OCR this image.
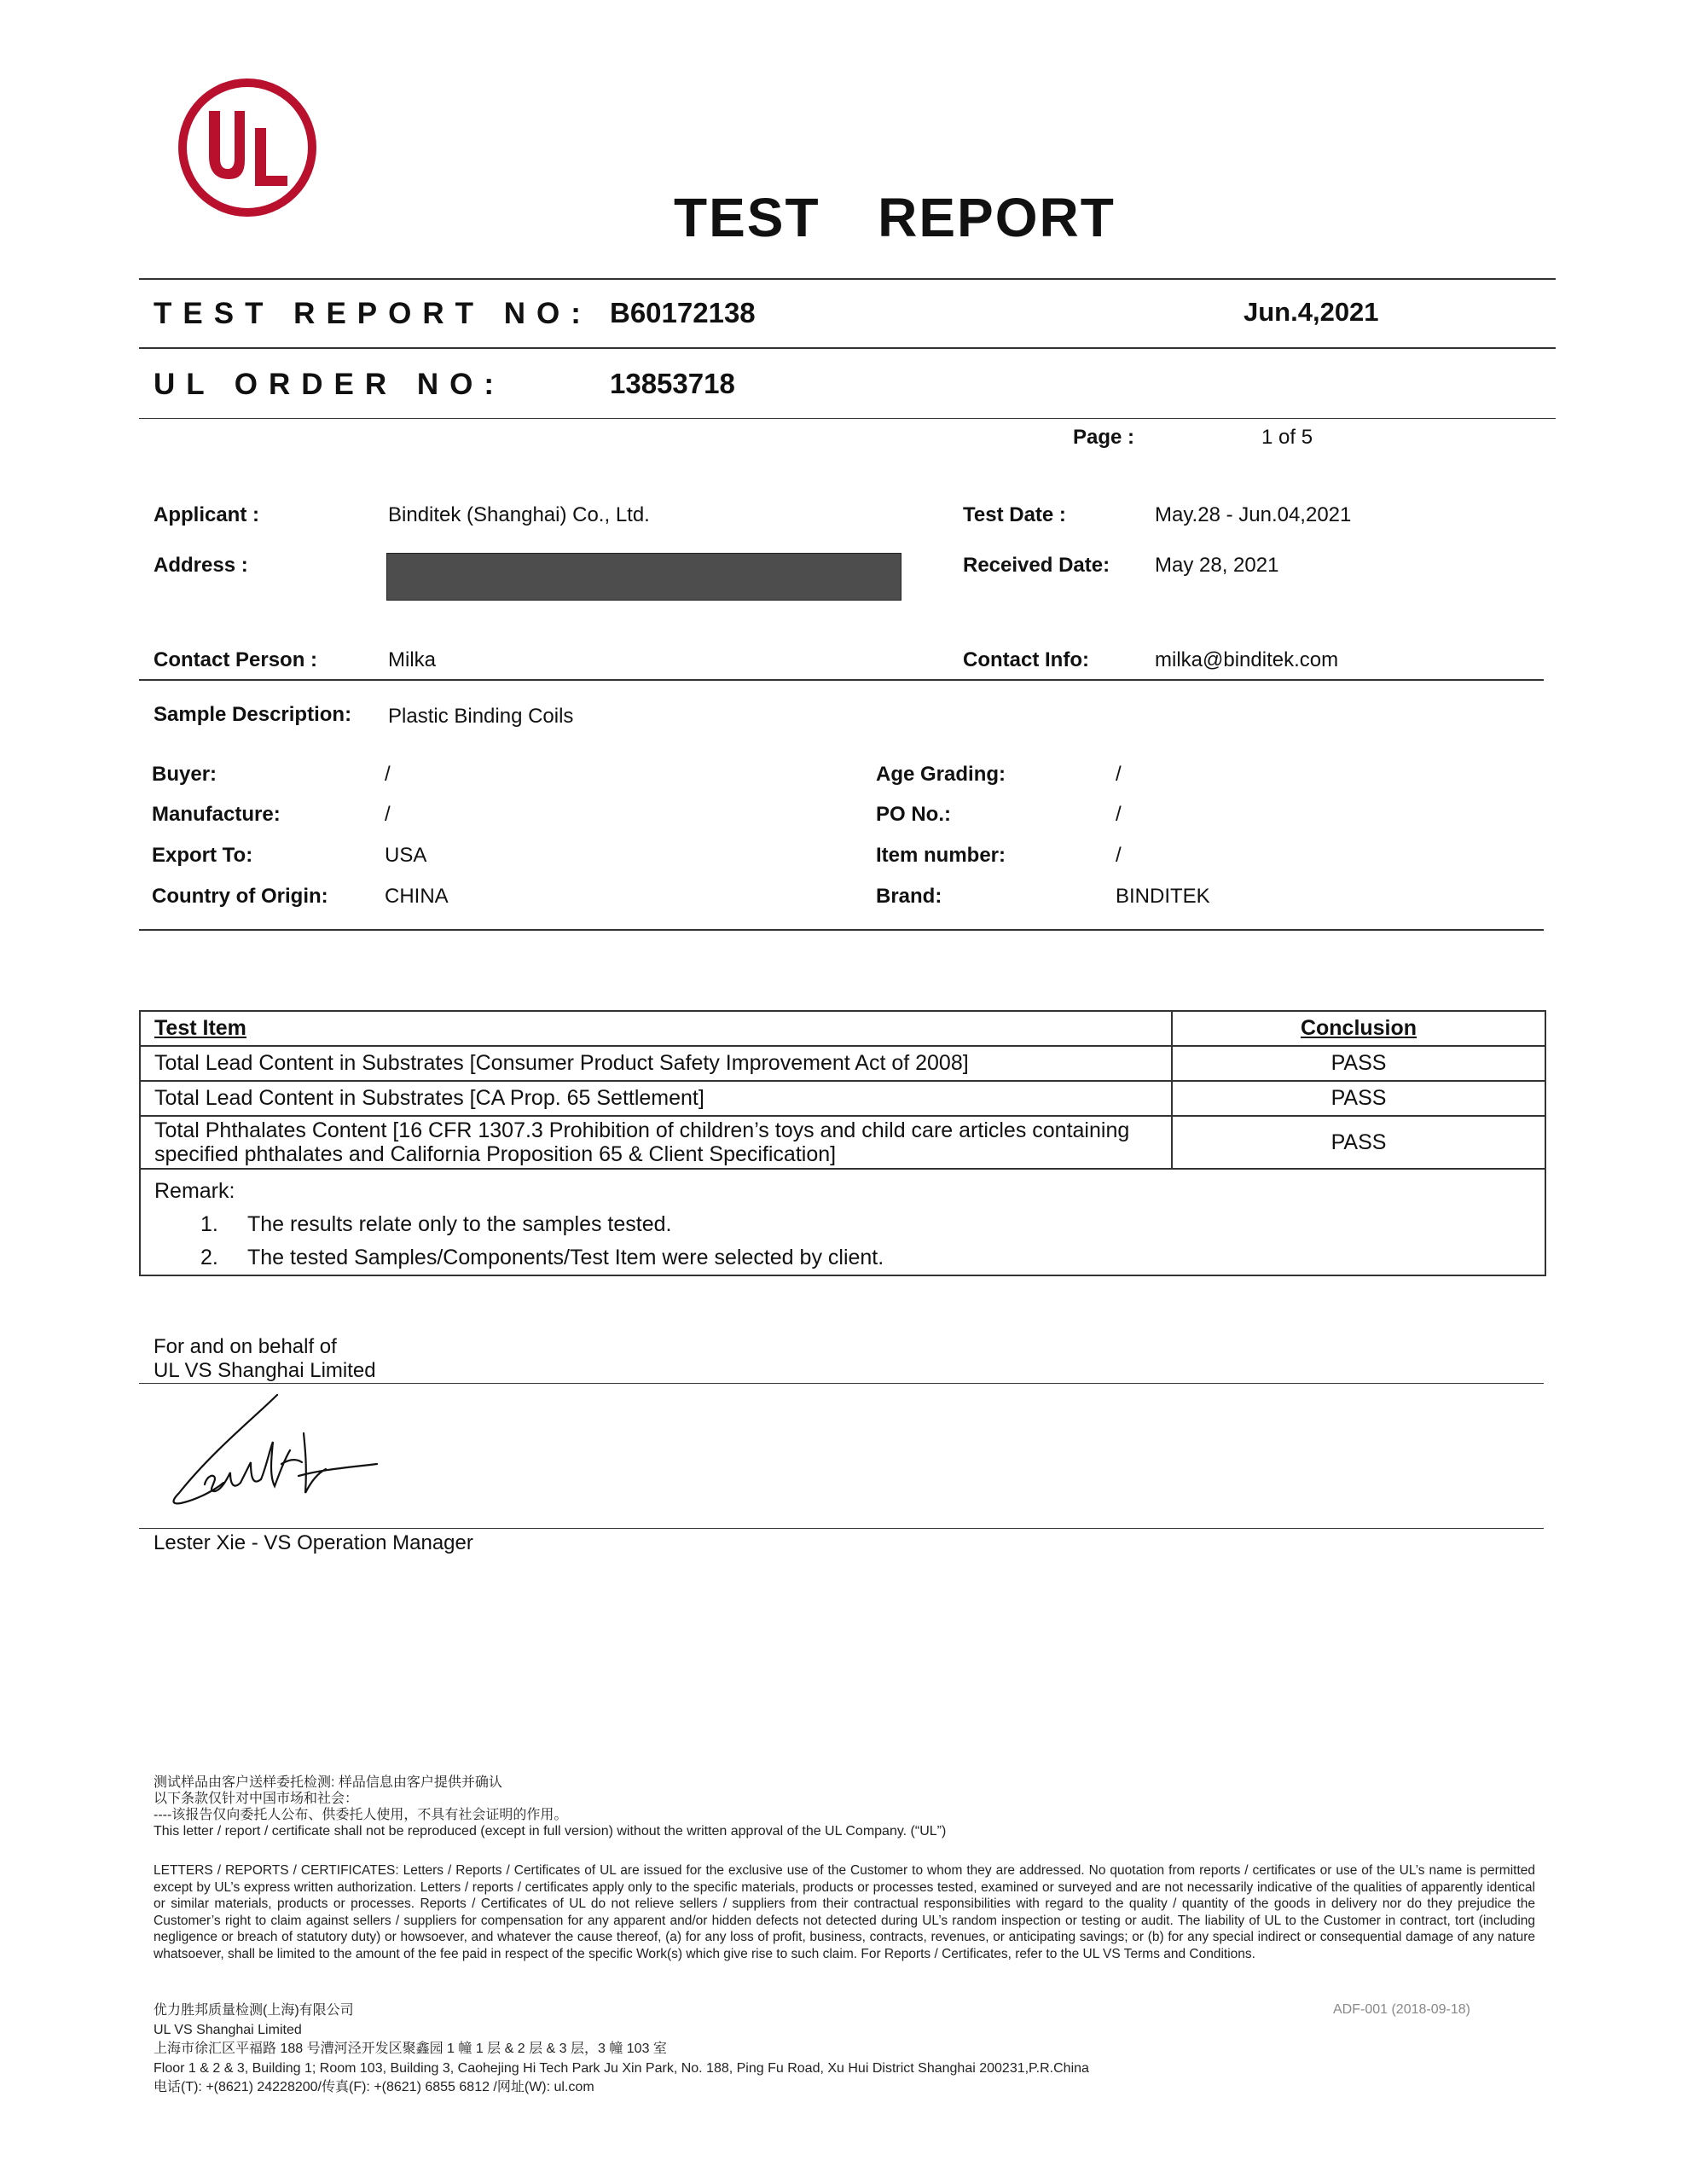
TEST  REPORT
TEST REPORT NO: B60172138	Jun.4,2021
UL ORDER NO:	13853718
Page :	1 of 5
Applicant :	Binditek (Shanghai) Co., Ltd.
Address :
Contact Person :	Milka
Test Date :	May.28 - Jun.04,2021
Received Date: May 28, 2021
Contact Info:	milka@binditek.com
Sample Description: Plastic Binding Coils
Buyer:	/
Manufacture:	/
Export To:	USA
Country of Origin:	CHINA
Age Grading:	/
PO No.:	/
Item number:	/
Brand:	BINDITEK
Test Item	Conclusion
Total Lead Content in Substrates [Consumer Product Safety Improvement Act of 2008]	PASS
Total Lead Content in Substrates [CA Prop. 65 Settlement]	PASS
Total Phthalates Content [16 CFR 1307.3 Prohibition of children’s toys and child care articles containing specified phthalates and California Proposition 65 & Client Specification]	PASS

Remark:
1. The results relate only to the samples tested.
2. The tested Samples/Components/Test Item were selected by client.	
For and on behalf of
UL VS Shanghai Limited
Lester Xie - VS Operation Manager
测试样品由客户送样委托检测: 样品信息由客户提供并确认
以下条款仅针对中国市场和社会：
----该报告仅向委托人公布、供委托人使用，不具有社会证明的作用。
This letter / report / certificate shall not be reproduced (except in full version) without the written approval of the UL Company. (“UL”)
LETTERS / REPORTS / CERTIFICATES: Letters / Reports / Certificates of UL are issued for the exclusive use of the Customer to whom they are addressed. No quotation from reports / certificates or use of the UL’s name is permitted except by UL’s express written authorization. Letters / reports / certificates apply only to the specific materials, products or processes tested, examined or surveyed and are not necessarily indicative of the qualities of apparently identical or similar materials, products or processes. Reports / Certificates of UL do not relieve sellers / suppliers from their contractual responsibilities with regard to the quality / quantity of the goods in delivery nor do they prejudice the Customer’s right to claim against sellers / suppliers for compensation for any apparent and/or hidden defects not detected during UL’s random inspection or testing or audit. The liability of UL to the Customer in contract, tort (including negligence or breach of statutory duty) or howsoever, and whatever the cause thereof, (a) for any loss of profit, business, contracts, revenues, or anticipating savings; or (b) for any special indirect or consequential damage of any nature whatsoever, shall be limited to the amount of the fee paid in respect of the specific Work(s) which give rise to such claim. For Reports / Certificates, refer to the UL VS Terms and Conditions.
优力胜邦质量检测(上海)有限公司
UL VS Shanghai Limited
上海市徐汇区平福路 188 号漕河泾开发区聚鑫园 1 幢 1 层 & 2 层 & 3 层，3 幢 103 室
Floor 1 & 2 & 3, Building 1; Room 103, Building 3, Caohejing Hi Tech Park Ju Xin Park, No. 188, Ping Fu Road, Xu Hui District Shanghai 200231,P.R.China
电话(T): +(8621) 24228200/传真(F): +(8621) 6855 6812 /网址(W): ul.com
ADF-001 (2018-09-18)
